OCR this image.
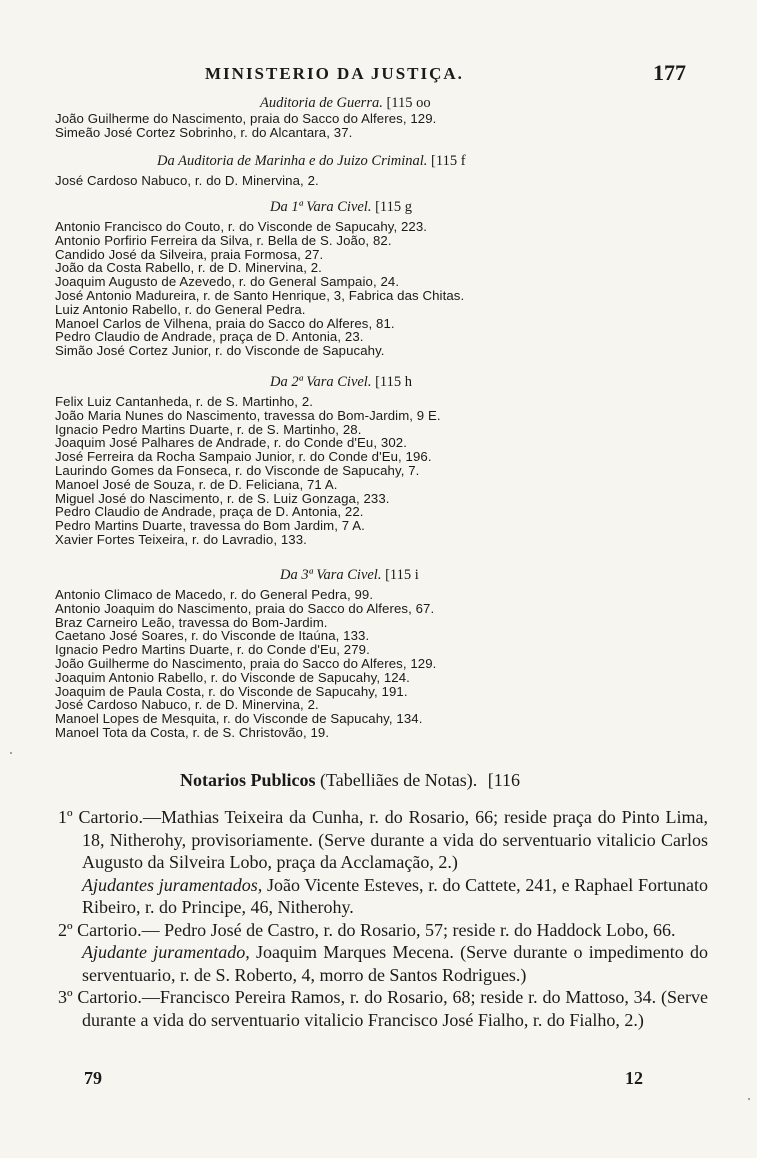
MINISTERIO DA JUSTIÇA.	177
Auditoria de Guerra. [115 oo
João Guilherme do Nascimento, praia do Sacco do Alferes, 129.
Simeão José Cortez Sobrinho, r. do Alcantara, 37.
Da Auditoria de Marinha e do Juizo Criminal. [115 f
José Cardoso Nabuco, r. do D. Minervina, 2.
Da 1ª Vara Civel. [115 g
Antonio Francisco do Couto, r. do Visconde de Sapucahy, 223.
Antonio Porfirio Ferreira da Silva, r. Bella de S. João, 82.
Candido José da Silveira, praia Formosa, 27.
João da Costa Rabello, r. de D. Minervina, 2.
Joaquim Augusto de Azevedo, r. do General Sampaio, 24.
José Antonio Madureira, r. de Santo Henrique, 3, Fabrica das Chitas.
Luiz Antonio Rabello, r. do General Pedra.
Manoel Carlos de Vilhena, praia do Sacco do Alferes, 81.
Pedro Claudio de Andrade, praça de D. Antonia, 23.
Simão José Cortez Junior, r. do Visconde de Sapucahy.
Da 2ª Vara Civel. [115 h
Felix Luiz Cantanheda, r. de S. Martinho, 2.
João Maria Nunes do Nascimento, travessa do Bom-Jardim, 9 E.
Ignacio Pedro Martins Duarte, r. de S. Martinho, 28.
Joaquim José Palhares de Andrade, r. do Conde d'Eu, 302.
José Ferreira da Rocha Sampaio Junior, r. do Conde d'Eu, 196.
Laurindo Gomes da Fonseca, r. do Visconde de Sapucahy, 7.
Manoel José de Souza, r. de D. Feliciana, 71 A.
Miguel José do Nascimento, r. de S. Luiz Gonzaga, 233.
Pedro Claudio de Andrade, praça de D. Antonia, 22.
Pedro Martins Duarte, travessa do Bom Jardim, 7 A.
Xavier Fortes Teixeira, r. do Lavradio, 133.
Da 3ª Vara Civel. [115 i
Antonio Climaco de Macedo, r. do General Pedra, 99.
Antonio Joaquim do Nascimento, praia do Sacco do Alferes, 67.
Braz Carneiro Leão, travessa do Bom-Jardim.
Caetano José Soares, r. do Visconde de Itaúna, 133.
Ignacio Pedro Martins Duarte, r. do Conde d'Eu, 279.
João Guilherme do Nascimento, praia do Sacco do Alferes, 129.
Joaquim Antonio Rabello, r. do Visconde de Sapucahy, 124.
Joaquim de Paula Costa, r. do Visconde de Sapucahy, 191.
José Cardoso Nabuco, r. de D. Minervina, 2.
Manoel Lopes de Mesquita, r. do Visconde de Sapucahy, 134.
Manoel Tota da Costa, r. de S. Christovão, 19.
Notarios Publicos (Tabelliães de Notas). [116

1º Cartorio.—Mathias Teixeira da Cunha, r. do Rosario, 66; reside praça do Pinto Lima, 18, Nitherohy, provisoriamente. (Serve durante a vida do serventuario vitalicio Carlos Augusto da Silveira Lobo, praça da Acclamação, 2.)

Ajudantes juramentados, João Vicente Esteves, r. do Cattete, 241, e Raphael Fortunato Ribeiro, r. do Principe, 46, Nitherohy.

2º Cartorio.— Pedro José de Castro, r. do Rosario, 57; reside r. do Haddock Lobo, 66.

Ajudante juramentado, Joaquim Marques Mecena. (Serve durante o impedimento do serventuario, r. de S. Roberto, 4, morro de Santos Rodrigues.)

3º Cartorio.—Francisco Pereira Ramos, r. do Rosario, 68; reside r. do Mattoso, 34. (Serve durante a vida do serventuario vitalicio Francisco José Fialho, r. do Fialho, 2.)

79	12
